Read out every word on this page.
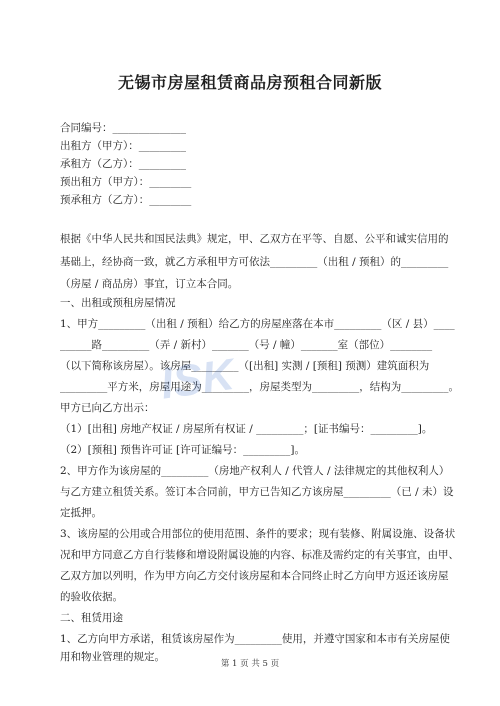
无锡市房屋租赁商品房预租合同新版
合同编号：______________
出租方（甲方）：_________
承租方（乙方）：_________
预出租方（甲方）：________
预承租方（乙方）：________
根据《中华人民共和国民法典》规定，甲、乙双方在平等、自愿、公平和诚实信用的
基础上，经协商一致，就乙方承租甲方可依法_________（出租 / 预租）的_________
（房屋 / 商品房）事宜，订立本合同。
一、出租或预租房屋情况
1、甲方_________（出租 / 预租）给乙方的房屋座落在本市_________（区 / 县）____
______路_________（弄 / 新村）_______（号 / 幢）_______室（部位）________
（以下简称该房屋）。该房屋_________（[出租] 实测 / [预租] 预测）建筑面积为
_________平方米，房屋用途为_________，房屋类型为_________，结构为_________。
甲方已向乙方出示：
（1）[出租] 房地产权证 / 房屋所有权证 / _________；[证书编号：_________]。
（2）[预租] 预售许可证 [许可证编号：_________]。
2、甲方作为该房屋的_________（房地产权利人 / 代管人 / 法律规定的其他权利人）
与乙方建立租赁关系。签订本合同前，甲方已告知乙方该房屋_________（已 / 未）设
定抵押。
3、该房屋的公用或合用部位的使用范围、条件的要求；现有装修、附属设施、设备状
况和甲方同意乙方自行装修和增设附属设施的内容、标准及需约定的有关事宜，由甲、
乙双方加以列明，作为甲方向乙方交付该房屋和本合同终止时乙方向甲方返还该房屋
的验收依据。
二、租赁用途
1、乙方向甲方承诺，租赁该房屋作为_________使用，并遵守国家和本市有关房屋使
用和物业管理的规定。
ISK
第 1 页 共 5 页
